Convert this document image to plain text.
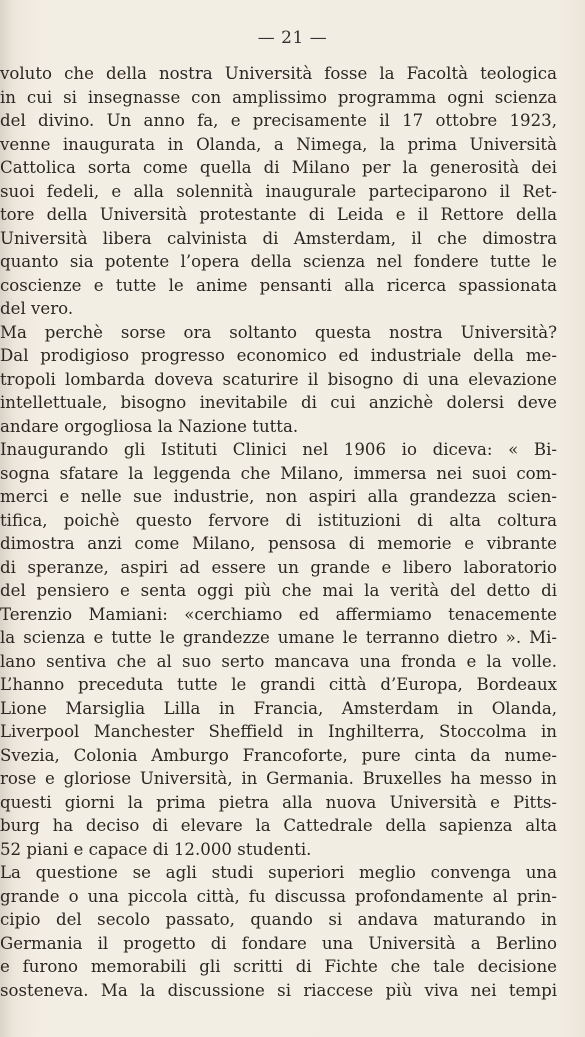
— 21 —
voluto che della nostra Università fosse la Facoltà teologica
in cui si insegnasse con amplissimo programma ogni scienza
del divino. Un anno fa, e precisamente il 17 ottobre 1923,
venne inaugurata in Olanda, a Nimega, la prima Università
Cattolica sorta come quella di Milano per la generosità dei
suoi fedeli, e alla solennità inaugurale parteciparono il Ret-
tore della Università protestante di Leida e il Rettore della
Università libera calvinista di Amsterdam, il che dimostra
quanto sia potente l’opera della scienza nel fondere tutte le
coscienze e tutte le anime pensanti alla ricerca spassionata
del vero.
Ma perchè sorse ora soltanto questa nostra Università?
Dal prodigioso progresso economico ed industriale della me-
tropoli lombarda doveva scaturire il bisogno di una elevazione
intellettuale, bisogno inevitabile di cui anzichè dolersi deve
andare orgogliosa la Nazione tutta.
Inaugurando gli Istituti Clinici nel 1906 io diceva: « Bi-
sogna sfatare la leggenda che Milano, immersa nei suoi com-
merci e nelle sue industrie, non aspiri alla grandezza scien-
tifica, poichè questo fervore di istituzioni di alta coltura
dimostra anzi come Milano, pensosa di memorie e vibrante
di speranze, aspiri ad essere un grande e libero laboratorio
del pensiero e senta oggi più che mai la verità del detto di
Terenzio Mamiani: «cerchiamo ed affermiamo tenacemente
la scienza e tutte le grandezze umane le terranno dietro ». Mi-
lano sentiva che al suo serto mancava una fronda e la volle.
L’hanno preceduta tutte le grandi città d’Europa, Bordeaux
Lione Marsiglia Lilla in Francia, Amsterdam in Olanda,
Liverpool Manchester Sheffield in Inghilterra, Stoccolma in
Svezia, Colonia Amburgo Francoforte, pure cinta da nume-
rose e gloriose Università, in Germania. Bruxelles ha messo in
questi giorni la prima pietra alla nuova Università e Pitts-
burg ha deciso di elevare la Cattedrale della sapienza alta
52 piani e capace di 12.000 studenti.
La questione se agli studi superiori meglio convenga una
grande o una piccola città, fu discussa profondamente al prin-
cipio del secolo passato, quando si andava maturando in
Germania il progetto di fondare una Università a Berlino
e furono memorabili gli scritti di Fichte che tale decisione
sosteneva. Ma la discussione si riaccese più viva nei tempi
